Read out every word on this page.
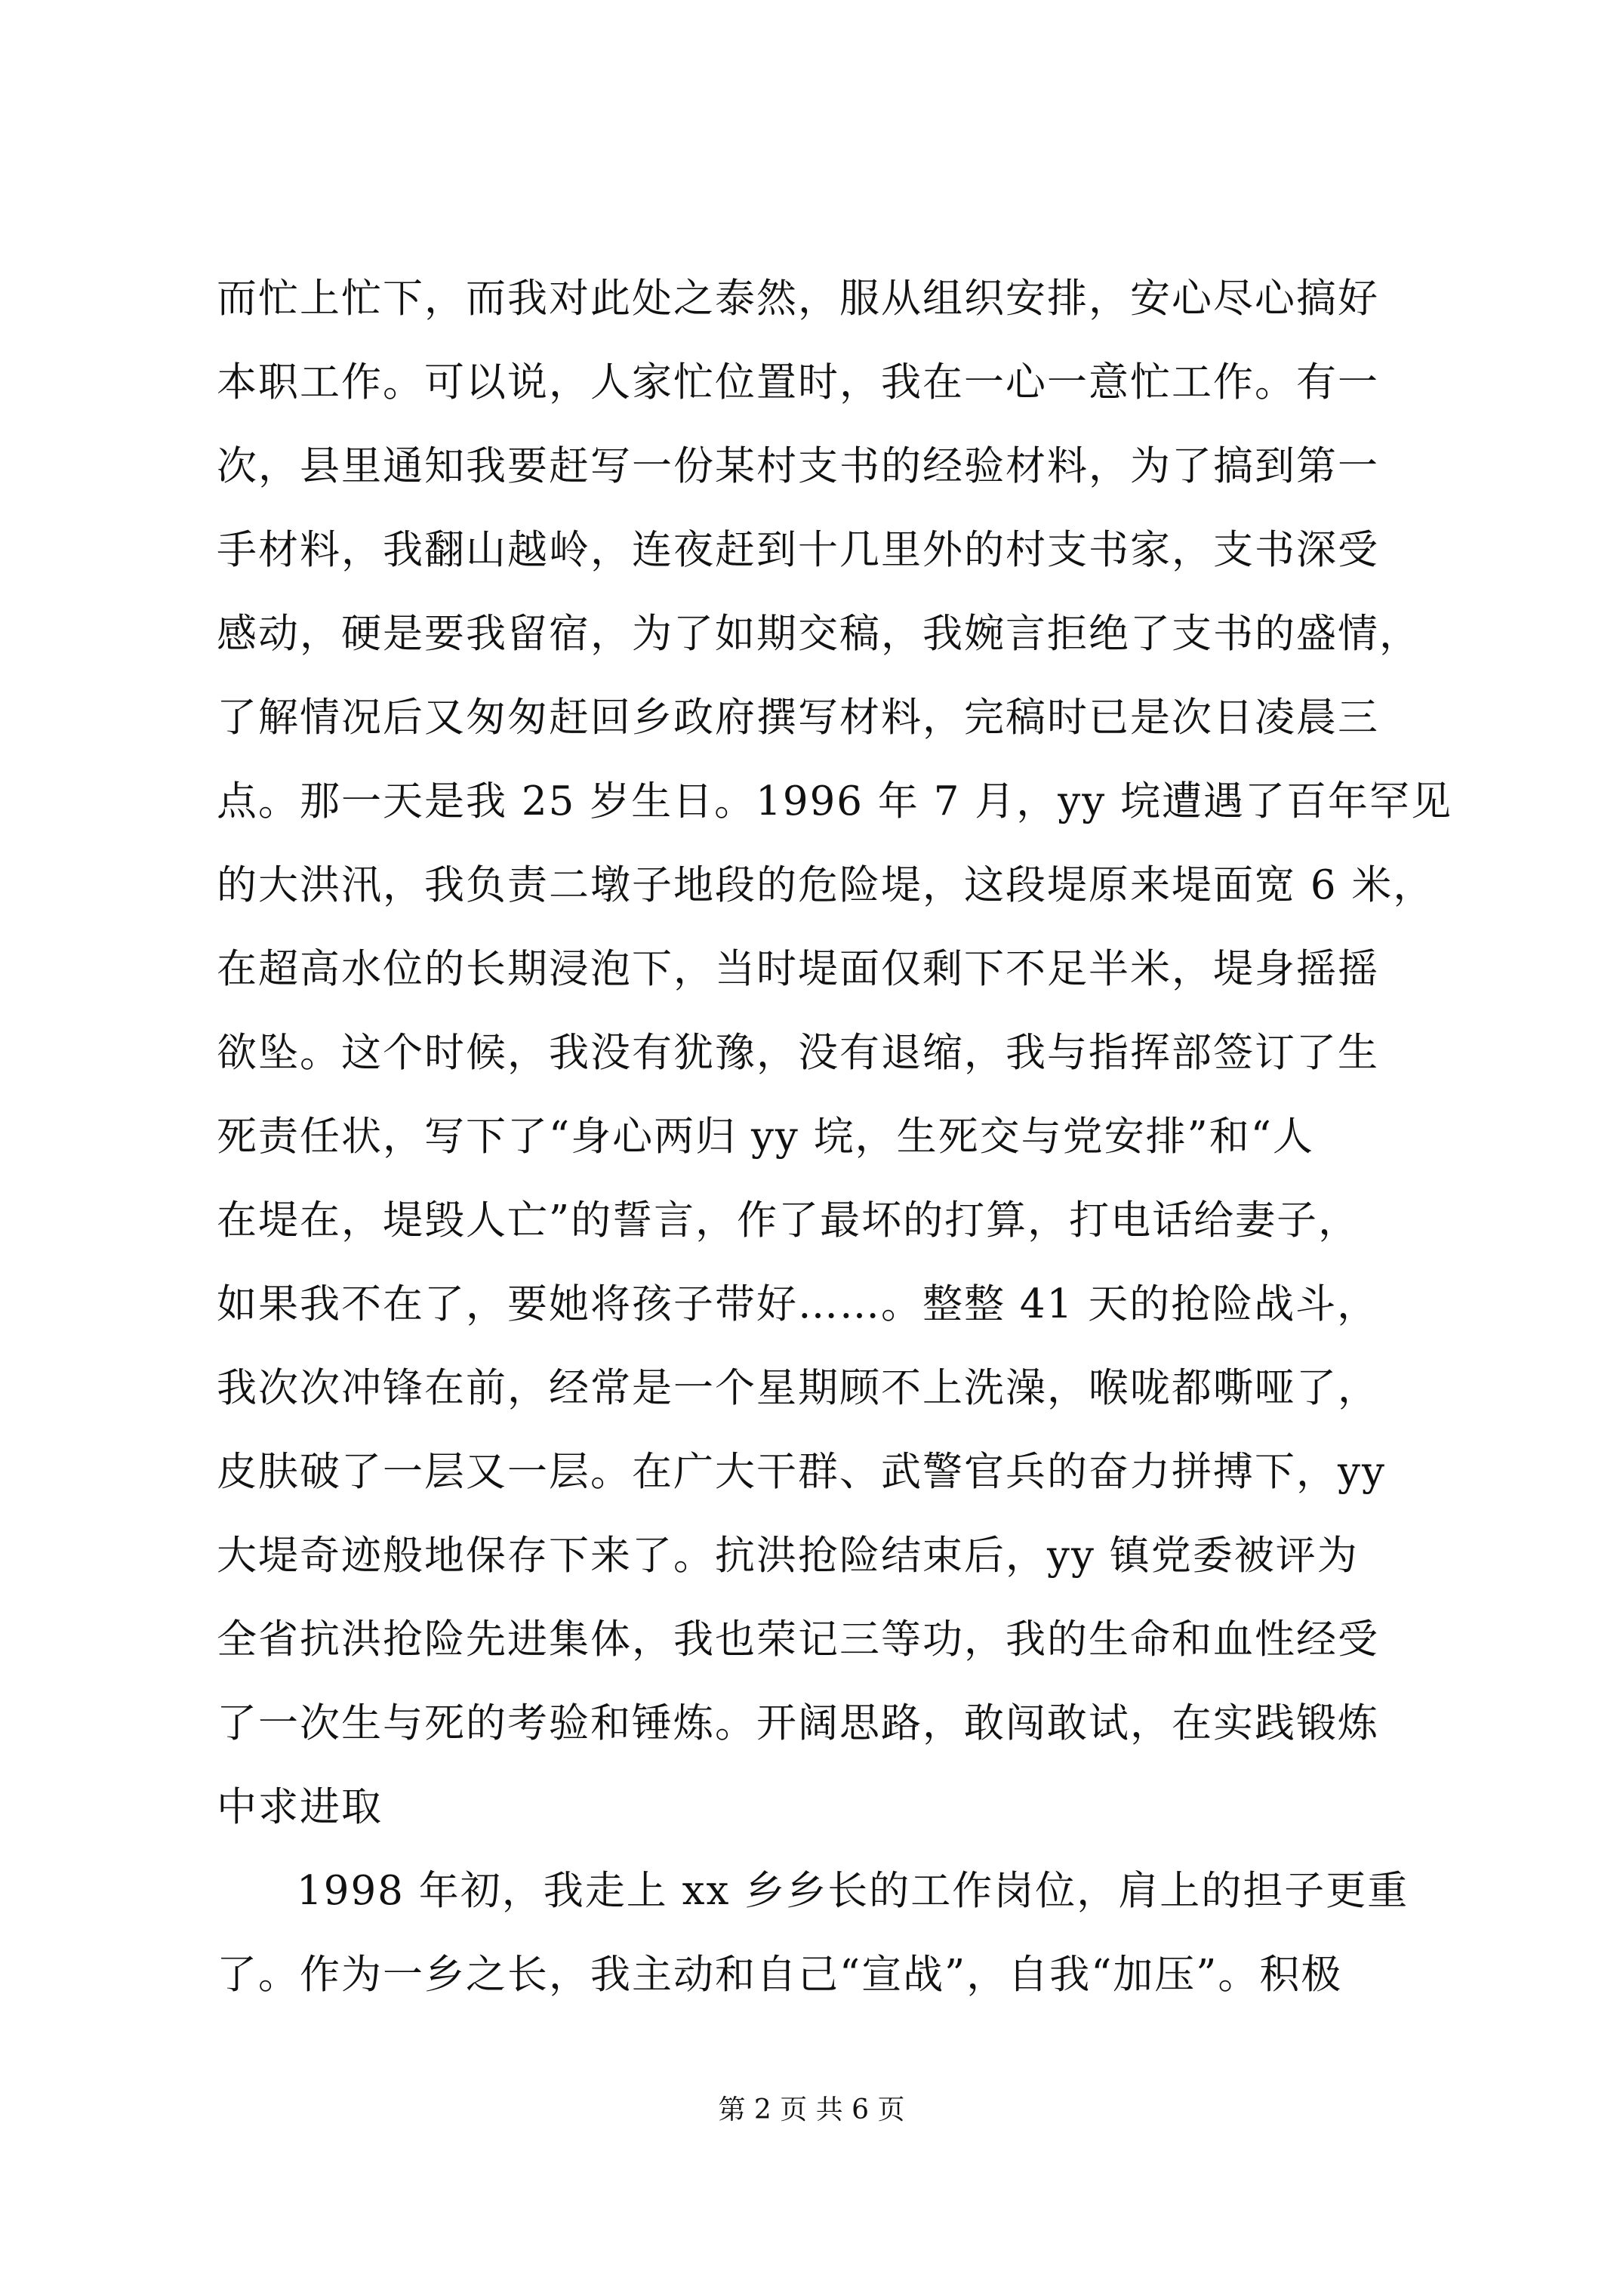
而忙上忙下，而我对此处之泰然，服从组织安排，安心尽心搞好
本职工作。可以说，人家忙位置时，我在一心一意忙工作。有一
次，县里通知我要赶写一份某村支书的经验材料，为了搞到第一
手材料，我翻山越岭，连夜赶到十几里外的村支书家，支书深受
感动，硬是要我留宿，为了如期交稿，我婉言拒绝了支书的盛情，
了解情况后又匆匆赶回乡政府撰写材料，完稿时已是次日凌晨三
点。那一天是我 25 岁生日。1996 年 7 月，yy 垸遭遇了百年罕见
的大洪汛，我负责二墩子地段的危险堤，这段堤原来堤面宽 6 米，
在超高水位的长期浸泡下，当时堤面仅剩下不足半米，堤身摇摇
欲坠。这个时候，我没有犹豫，没有退缩，我与指挥部签订了生
死责任状，写下了“身心两归 yy 垸，生死交与党安排”和“人
在堤在，堤毁人亡”的誓言，作了最坏的打算，打电话给妻子，
如果我不在了，要她将孩子带好……。整整 41 天的抢险战斗，
我次次冲锋在前，经常是一个星期顾不上洗澡，喉咙都嘶哑了，
皮肤破了一层又一层。在广大干群、武警官兵的奋力拼搏下，yy
大堤奇迹般地保存下来了。抗洪抢险结束后，yy 镇党委被评为
全省抗洪抢险先进集体，我也荣记三等功，我的生命和血性经受
了一次生与死的考验和锤炼。开阔思路，敢闯敢试，在实践锻炼
中求进取
1998 年初，我走上 xx 乡乡长的工作岗位，肩上的担子更重
了。作为一乡之长，我主动和自己“宣战”，自我“加压”。积极
第 2 页 共 6 页
